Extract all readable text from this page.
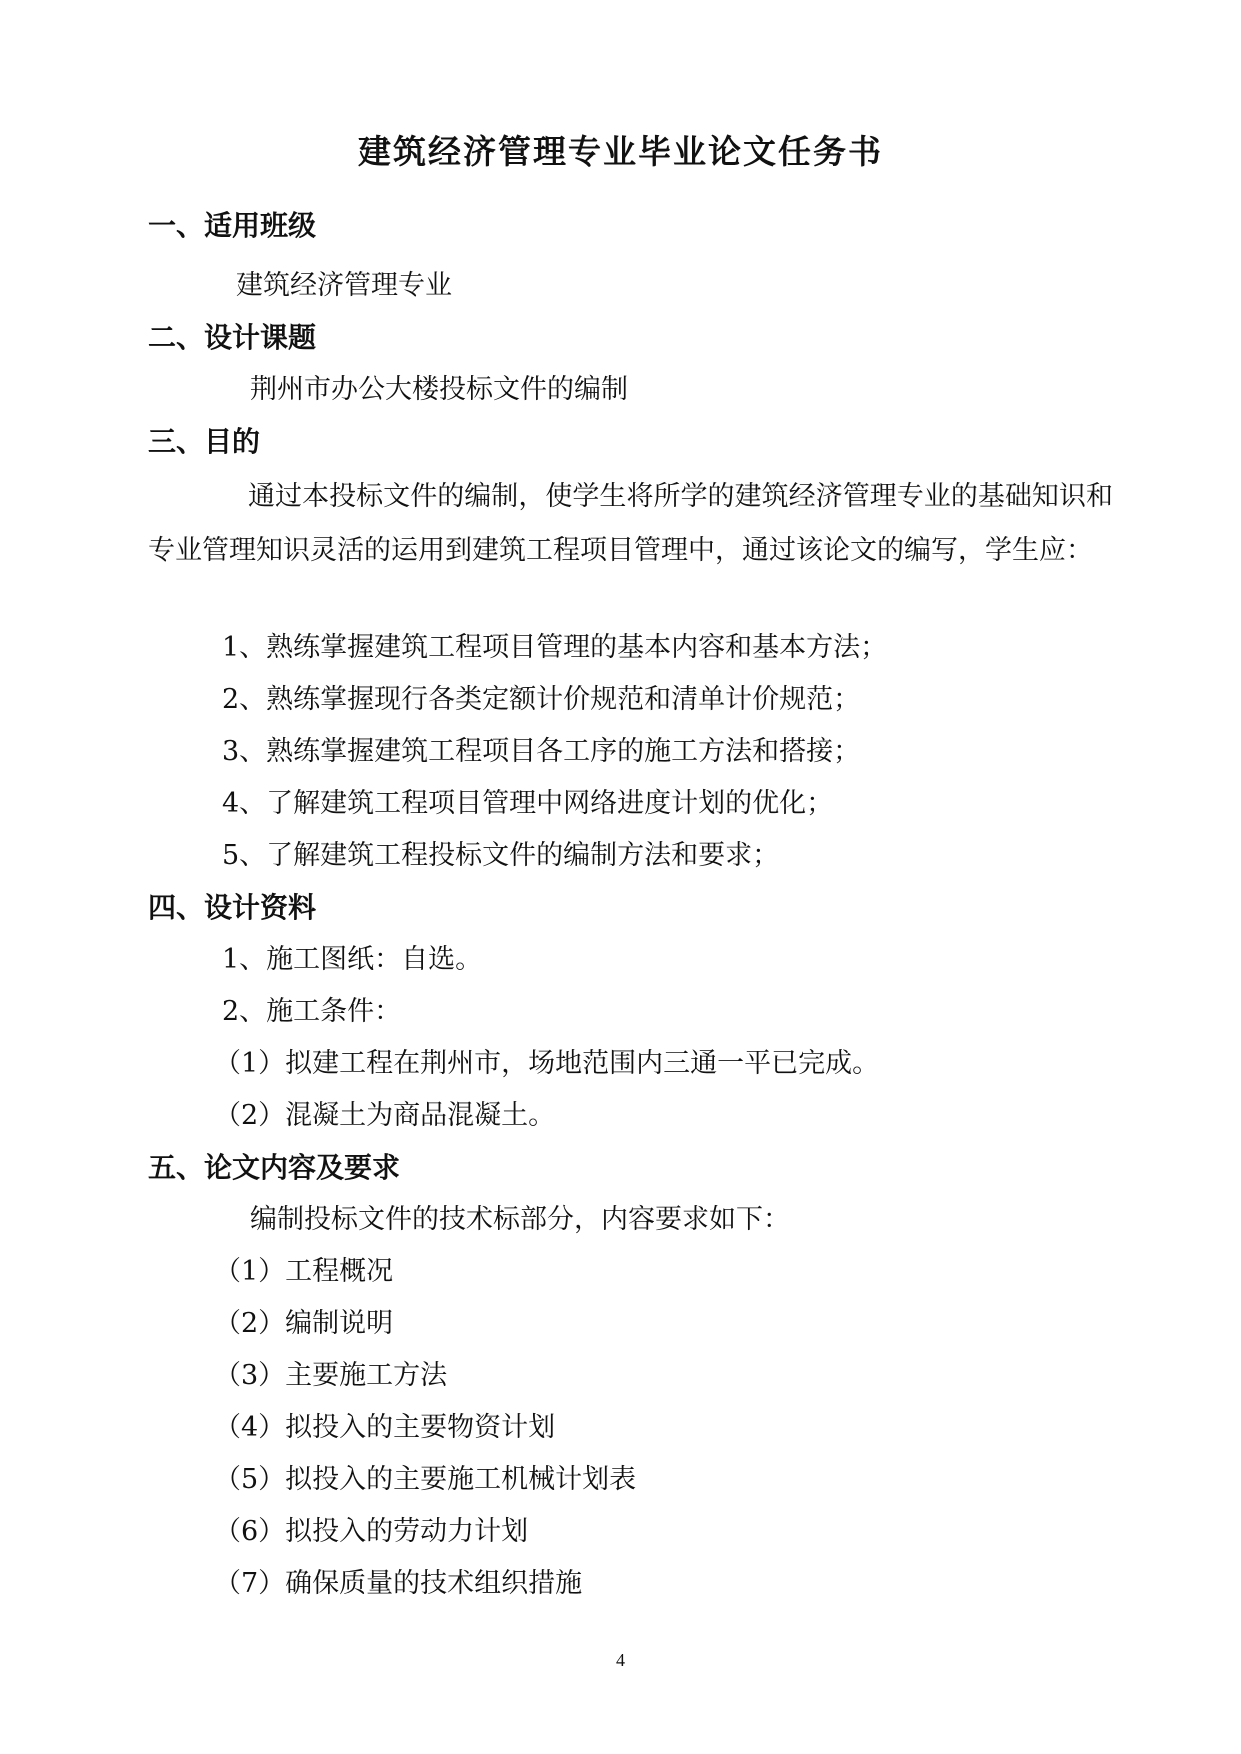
建筑经济管理专业毕业论文任务书
一、适用班级
建筑经济管理专业
二、设计课题
荆州市办公大楼投标文件的编制
三、目的
通过本投标文件的编制，使学生将所学的建筑经济管理专业的基础知识和专业管理知识灵活的运用到建筑工程项目管理中，通过该论文的编写，学生应：
1、熟练掌握建筑工程项目管理的基本内容和基本方法；
2、熟练掌握现行各类定额计价规范和清单计价规范；
3、熟练掌握建筑工程项目各工序的施工方法和搭接；
4、了解建筑工程项目管理中网络进度计划的优化；
5、了解建筑工程投标文件的编制方法和要求；
四、设计资料
1、施工图纸：自选。
2、施工条件：
（1）拟建工程在荆州市，场地范围内三通一平已完成。
（2）混凝土为商品混凝土。
五、论文内容及要求
编制投标文件的技术标部分，内容要求如下：
（1）工程概况
（2）编制说明
（3）主要施工方法
（4）拟投入的主要物资计划
（5）拟投入的主要施工机械计划表
（6）拟投入的劳动力计划
（7）确保质量的技术组织措施
4
